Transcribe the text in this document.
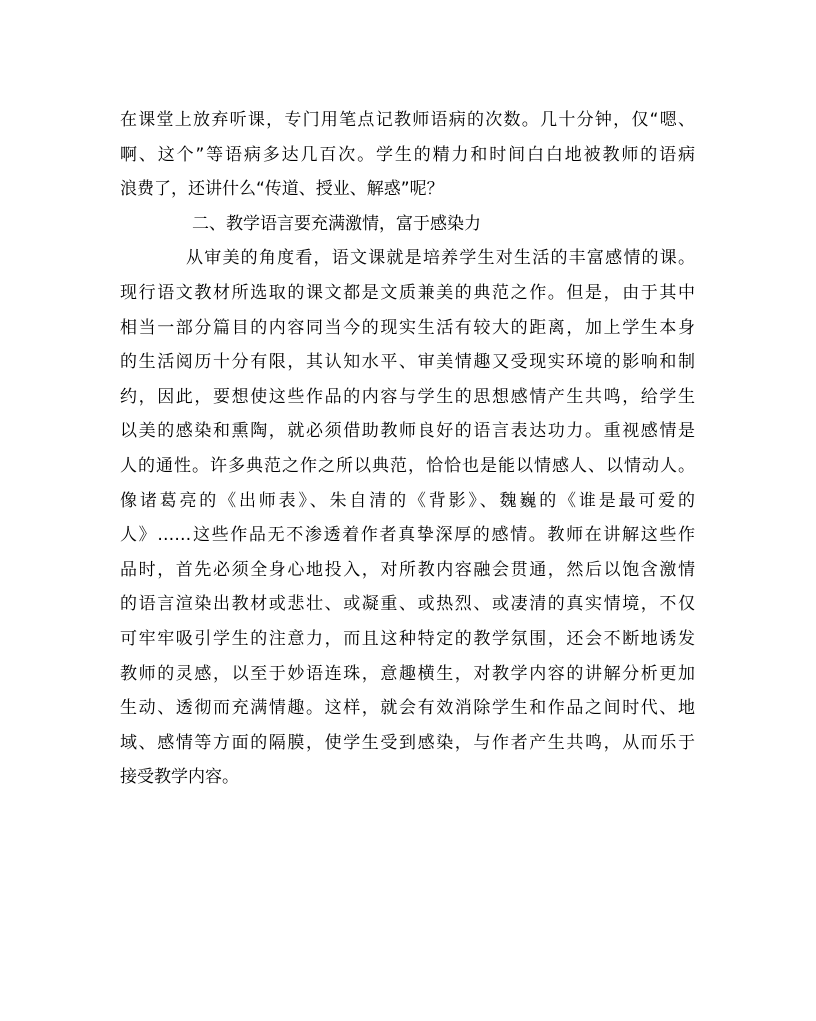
在课堂上放弃听课，专门用笔点记教师语病的次数。几十分钟，仅“嗯、
啊、这个”等语病多达几百次。学生的精力和时间白白地被教师的语病
浪费了，还讲什么“传道、授业、解惑”呢？
二、教学语言要充满激情，富于感染力
从审美的角度看，语文课就是培养学生对生活的丰富感情的课。
现行语文教材所选取的课文都是文质兼美的典范之作。但是，由于其中
相当一部分篇目的内容同当今的现实生活有较大的距离，加上学生本身
的生活阅历十分有限，其认知水平、审美情趣又受现实环境的影响和制
约，因此，要想使这些作品的内容与学生的思想感情产生共鸣，给学生
以美的感染和熏陶，就必须借助教师良好的语言表达功力。重视感情是
人的通性。许多典范之作之所以典范，恰恰也是能以情感人、以情动人。
像诸葛亮的《出师表》、朱自清的《背影》、魏巍的《谁是最可爱的
人》……这些作品无不渗透着作者真挚深厚的感情。教师在讲解这些作
品时，首先必须全身心地投入，对所教内容融会贯通，然后以饱含激情
的语言渲染出教材或悲壮、或凝重、或热烈、或凄清的真实情境，不仅
可牢牢吸引学生的注意力，而且这种特定的教学氛围，还会不断地诱发
教师的灵感，以至于妙语连珠，意趣横生，对教学内容的讲解分析更加
生动、透彻而充满情趣。这样，就会有效消除学生和作品之间时代、地
域、感情等方面的隔膜，使学生受到感染，与作者产生共鸣，从而乐于
接受教学内容。
